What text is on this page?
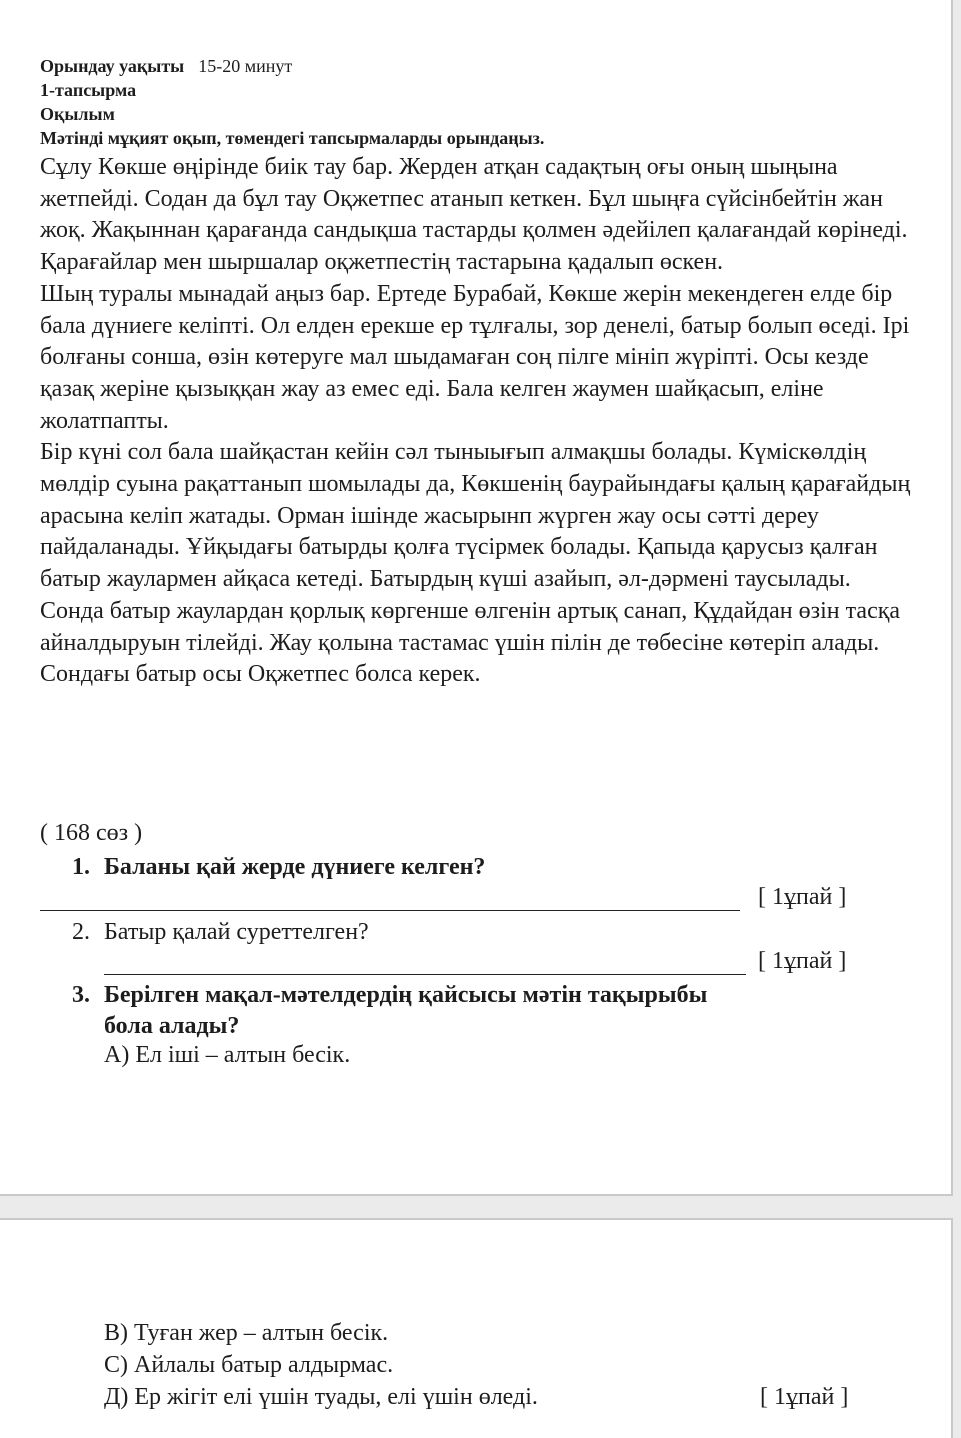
Орындау уақыты 15-20 минут
1-тапсырма
Оқылым
Мәтінді мұқият оқып, төмендегі тапсырмаларды орындаңыз.

Сұлу Көкше өңірінде биік тау бар. Жерден атқан садақтың оғы оның шыңына жетпейді. Содан да бұл тау Оқжетпес атанып кеткен. Бұл шыңға сүйсінбейтін жан жоқ. Жақыннан қарағанда сандықша тастарды қолмен әдейілеп қалағандай көрінеді. Қарағайлар мен шыршалар оқжетпестің тастарына қадалып өскен.

Шың туралы мынадай аңыз бар. Ертеде Бурабай, Көкше жерін мекендеген елде бір бала дүниеге келіпті. Ол елден ерекше ер тұлғалы, зор денелі, батыр болып өседі. Ірі болғаны сонша, өзін көтеруге мал шыдамаған соң пілге мініп жүріпті. Осы кезде қазақ жеріне қызыққан жау аз емес еді. Бала келген жаумен шайқасып, еліне жолатпапты.

Бір күні сол бала шайқастан кейін сәл тыныығып алмақшы болады. Күміскөлдің мөлдір суына рақаттанып шомылады да, Көкшенің баурайындағы қалың қарағайдың арасына келіп жатады. Орман ішінде жасырынп жүрген жау осы сәтті дереу пайдаланады. Ұйқыдағы батырды қолға түсірмек болады. Қапыда қарусыз қалған батыр жаулармен айқаса кетеді. Батырдың күші азайып, әл-дәрмені таусылады. Сонда батыр жаулардан қорлық көргенше өлгенін артық санап, Құдайдан өзін тасқа айналдыруын тілейді. Жау қолына тастамас үшін пілін де төбесіне көтеріп алады. Сондағы батыр осы Оқжетпес болса керек.

( 168 сөз )
1. Баланы қай жерде дүниеге келген?
[ 1ұпай ]
2. Батыр қалай суреттелген?
[ 1ұпай ]
3. Берілген мақал-мәтелдердің қайсысы мәтін тақырыбы
бола алады?
А) Ел іші – алтын бесік.
В) Туған жер – алтын бесік.
С) Айлалы батыр алдырмас.
Д) Ер жігіт елі үшін туады, елі үшін өледі.	[ 1ұпай ]
